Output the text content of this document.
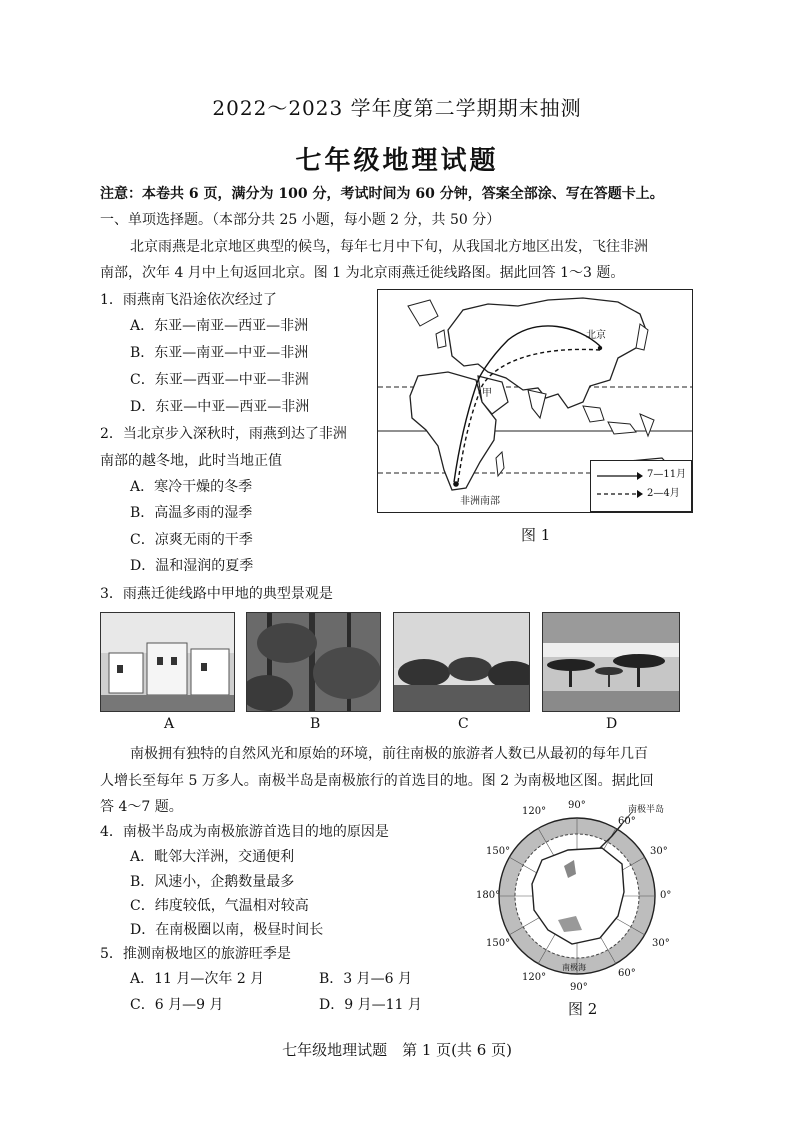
2022～2023 学年度第二学期期末抽测
七年级地理试题
注意：本卷共 6 页，满分为 100 分，考试时间为 60 分钟，答案全部涂、写在答题卡上。
一、单项选择题。（本部分共 25 小题，每小题 2 分，共 50 分）
北京雨燕是北京地区典型的候鸟，每年七月中下旬，从我国北方地区出发，飞往非洲
南部，次年 4 月中上旬返回北京。图 1 为北京雨燕迁徙线路图。据此回答 1～3 题。
1．雨燕南飞沿途依次经过了
A．东亚—南亚—西亚—非洲
B．东亚—南亚—中亚—非洲
C．东亚—西亚—中亚—非洲
D．东亚—中亚—西亚—非洲
2．当北京步入深秋时，雨燕到达了非洲
南部的越冬地，此时当地正值
A．寒冷干燥的冬季
B．高温多雨的湿季
C．凉爽无雨的干季
D．温和湿润的夏季
北京
甲
非洲南部
7—11月
2—4月
图 1
3．雨燕迁徙线路中甲地的典型景观是
A	B	C	D
南极拥有独特的自然风光和原始的环境，前往南极的旅游者人数已从最初的每年几百
人增长至每年 5 万多人。南极半岛是南极旅行的首选目的地。图 2 为南极地区图。据此回
答 4～7 题。
4．南极半岛成为南极旅游首选目的地的原因是
A．毗邻大洋洲，交通便利
B．风速小，企鹅数量最多
C．纬度较低，气温相对较高
D．在南极圈以南，极昼时间长
5．推测南极地区的旅游旺季是
A．11 月—次年 2 月	B．3 月—6 月
C．6 月—9 月	D．9 月—11 月
90°
120°
60°
150°	30°
180°	0°
150°	30°
120°	60°
90°
南极半岛
南极海
图 2
七年级地理试题　第 1 页(共 6 页)
